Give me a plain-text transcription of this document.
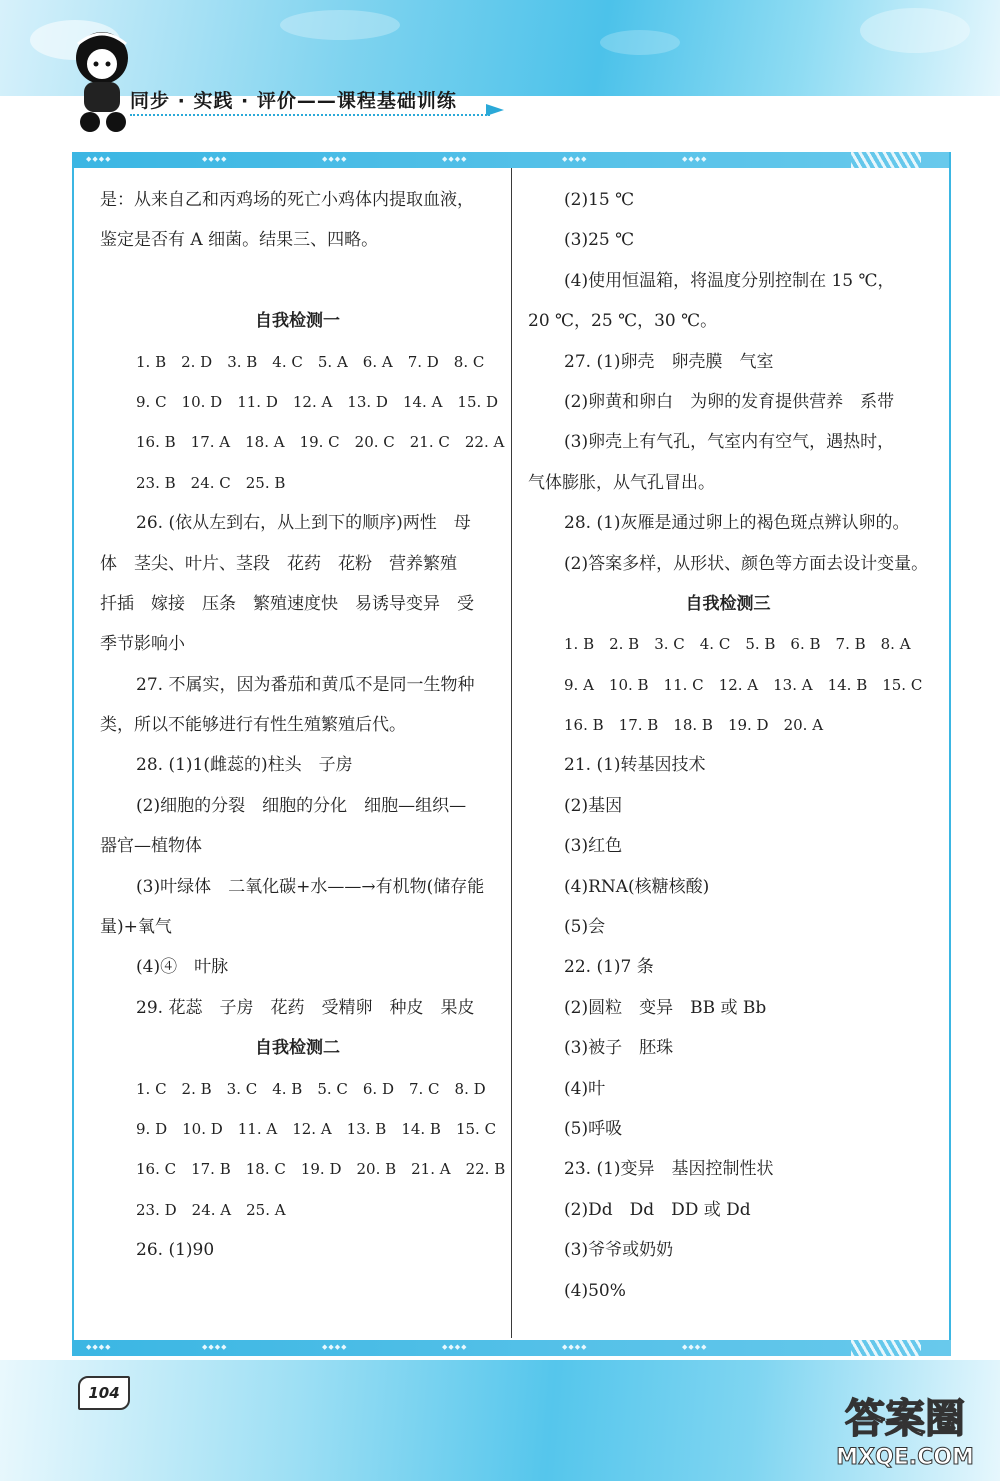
同步 · 实践 · 评价——课程基础训练
◆◆◆◆	◆◆◆◆	◆◆◆◆	◆◆◆◆	◆◆◆◆	◆◆◆◆
◆◆◆◆	◆◆◆◆	◆◆◆◆	◆◆◆◆	◆◆◆◆	◆◆◆◆
是：从来自乙和丙鸡场的死亡小鸡体内提取血液，
鉴定是否有 A 细菌。结果三、四略。
自我检测一
1. B　2. D　3. B　4. C　5. A　6. A　7. D　8. C
9. C　10. D　11. D　12. A　13. D　14. A　15. D
16. B　17. A　18. A　19. C　20. C　21. C　22. A
23. B　24. C　25. B
26. (依从左到右，从上到下的顺序)两性　母
体　茎尖、叶片、茎段　花药　花粉　营养繁殖
扦插　嫁接　压条　繁殖速度快　易诱导变异　受
季节影响小
27. 不属实，因为番茄和黄瓜不是同一生物种
类，所以不能够进行有性生殖繁殖后代。
28. (1)1(雌蕊的)柱头　子房
(2)细胞的分裂　细胞的分化　细胞—组织—
器官—植物体
(3)叶绿体　二氧化碳+水——→有机物(储存能
量)+氧气
(4)④　叶脉
29. 花蕊　子房　花药　受精卵　种皮　果皮
自我检测二
1. C　2. B　3. C　4. B　5. C　6. D　7. C　8. D
9. D　10. D　11. A　12. A　13. B　14. B　15. C
16. C　17. B　18. C　19. D　20. B　21. A　22. B
23. D　24. A　25. A
26. (1)90
(2)15 ℃
(3)25 ℃
(4)使用恒温箱，将温度分别控制在 15 ℃，
20 ℃，25 ℃，30 ℃。
27. (1)卵壳　卵壳膜　气室
(2)卵黄和卵白　为卵的发育提供营养　系带
(3)卵壳上有气孔，气室内有空气，遇热时，
气体膨胀，从气孔冒出。
28. (1)灰雁是通过卵上的褐色斑点辨认卵的。
(2)答案多样，从形状、颜色等方面去设计变量。
自我检测三
1. B　2. B　3. C　4. C　5. B　6. B　7. B　8. A
9. A　10. B　11. C　12. A　13. A　14. B　15. C
16. B　17. B　18. B　19. D　20. A
21. (1)转基因技术
(2)基因
(3)红色
(4)RNA(核糖核酸)
(5)会
22. (1)7 条
(2)圆粒　变异　BB 或 Bb
(3)被子　胚珠
(4)叶
(5)呼吸
23. (1)变异　基因控制性状
(2)Dd　Dd　DD 或 Dd
(3)爷爷或奶奶
(4)50%
104
答案圈
MXQE.COM
